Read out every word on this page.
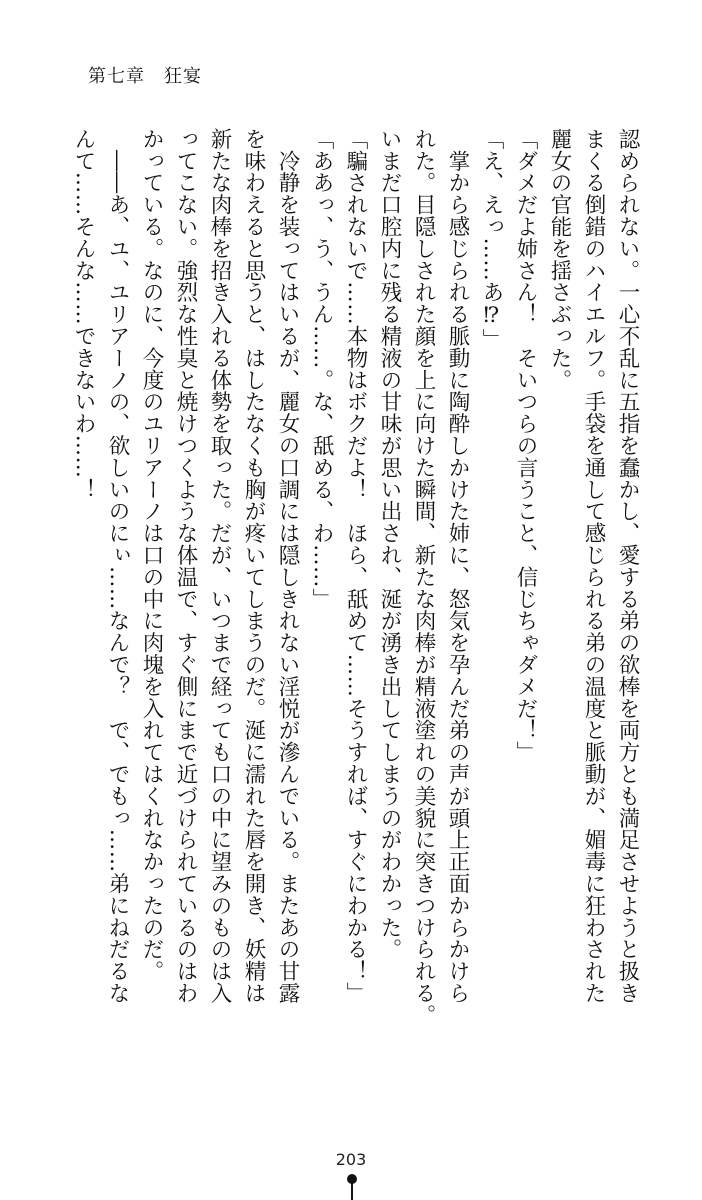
第七章　狂宴

認められない。一心不乱に五指を蠢かし、愛する弟の欲棒を両方とも満足させようと扱き

まくる倒錯のハイエルフ。手袋を通して感じられる弟の温度と脈動が、媚毒に狂わされた

麗女の官能を揺さぶった。

「ダメだよ姉さん！　そいつらの言うこと、信じちゃダメだ！」

「え、えっ……あ⁉」

　掌から感じられる脈動に陶酔しかけた姉に、怒気を孕んだ弟の声が頭上正面からかけら

れた。目隠しされた顔を上に向けた瞬間、新たな肉棒が精液塗れの美貌に突きつけられる。

いまだ口腔内に残る精液の甘味が思い出され、涎が湧き出してしまうのがわかった。

「騙されないで……本物はボクだよ！　ほら、舐めて……そうすれば、すぐにわかる！」

「ああっ、う、うん……。な、舐める、わ……」

　冷静を装ってはいるが、麗女の口調には隠しきれない淫悦が滲んでいる。またあの甘露

を味わえると思うと、はしたなくも胸が疼いてしまうのだ。涎に濡れた唇を開き、妖精は

新たな肉棒を招き入れる体勢を取った。だが、いつまで経っても口の中に望みのものは入

ってこない。強烈な性臭と焼けつくような体温で、すぐ側にまで近づけられているのはわ

かっている。なのに、今度のユリアーノは口の中に肉塊を入れてはくれなかったのだ。

　――あ、ユ、ユリアーノの、欲しいのにぃ……なんで？　で、でもっ……弟にねだるな

んて……そんな……できないわ……！

203
